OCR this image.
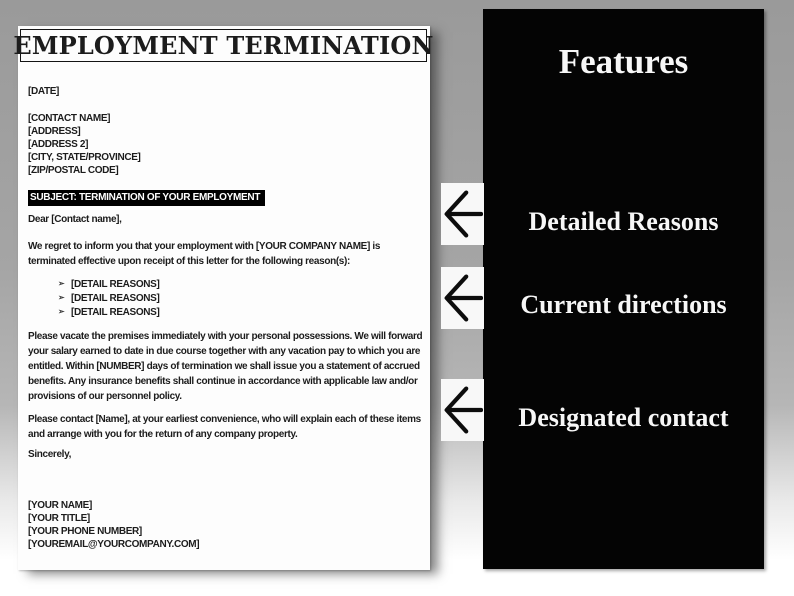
EMPLOYMENT TERMINATION
[DATE]
[CONTACT NAME]
[ADDRESS]
[ADDRESS 2]
[CITY, STATE/PROVINCE]
[ZIP/POSTAL CODE]
SUBJECT: TERMINATION OF YOUR EMPLOYMENT
Dear [Contact name],
We regret to inform you that your employment with [YOUR COMPANY NAME] is
terminated effective upon receipt of this letter for the following reason(s):
➢ [DETAIL REASONS]
➢ [DETAIL REASONS]
➢ [DETAIL REASONS]
Please vacate the premises immediately with your personal possessions. We will forward
your salary earned to date in due course together with any vacation pay to which you are
entitled. Within [NUMBER] days of termination we shall issue you a statement of accrued
benefits. Any insurance benefits shall continue in accordance with applicable law and/or
provisions of our personnel policy.
Please contact [Name], at your earliest convenience, who will explain each of these items
and arrange with you for the return of any company property.
Sincerely,
[YOUR NAME]
[YOUR TITLE]
[YOUR PHONE NUMBER]
[YOUREMAIL@YOURCOMPANY.COM]
Features
Detailed Reasons
Current directions
Designated contact
